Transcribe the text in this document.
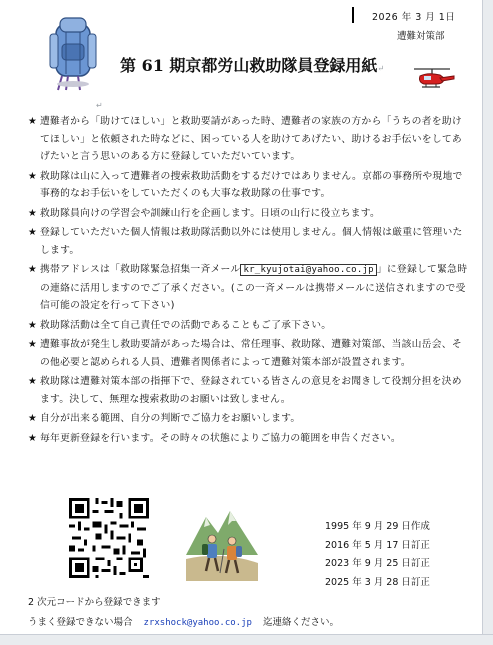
2026 年 3 月 1日
遭難対策部
第 61 期京都労山救助隊員登録用紙↵
↵

★ 遭難者から「助けてほしい」と救助要請があった時、遭難者の家族の方から「うちの者を助けてほしい」と依頼された時などに、困っている人を助けてあげたい、助けるお手伝いをしてあげたいと言う思いのある方に登録していただいています。

★ 救助隊は山に入って遭難者の捜索救助活動をするだけではありません。京都の事務所や現地で事務的なお手伝いをしていただくのも大事な救助隊の仕事です。

★ 救助隊員向けの学習会や訓練山行を企画します。日頃の山行に役立ちます。

★ 登録していただいた個人情報は救助隊活動以外には使用しません。個人情報は厳重に管理いたします。

★ 携帯アドレスは「救助隊緊急招集一斉メール kr_kyujotai@yahoo.co.jp 」に登録して緊急時の連絡に活用しますのでご了承ください。(この一斉メールは携帯メールに送信されますので受信可能の設定を行って下さい)

★ 救助隊活動は全て自己責任での活動であることもご了承下さい。

★ 遭難事故が発生し救助要請があった場合は、常任理事、救助隊、遭難対策部、当該山岳会、その他必要と認められる人員、遭難者関係者によって遭難対策本部が設置されます。

★ 救助隊は遭難対策本部の指揮下で、登録されている皆さんの意見をお聞きして役割分担を決めます。決して、無理な捜索救助のお願いは致しません。

★ 自分が出来る範囲、自分の判断でご協力をお願いします。

★ 毎年更新登録を行います。その時々の状態によりご協力の範囲を申告ください。

1995 年 9 月 29 日作成
2016 年 5 月 17 日訂正
2023 年 9 月 25 日訂正
2025 年 3 月 28 日訂正
2 次元コードから登録できます
うまく登録できない場合 zrxshock@yahoo.co.jp 迄連絡ください。
